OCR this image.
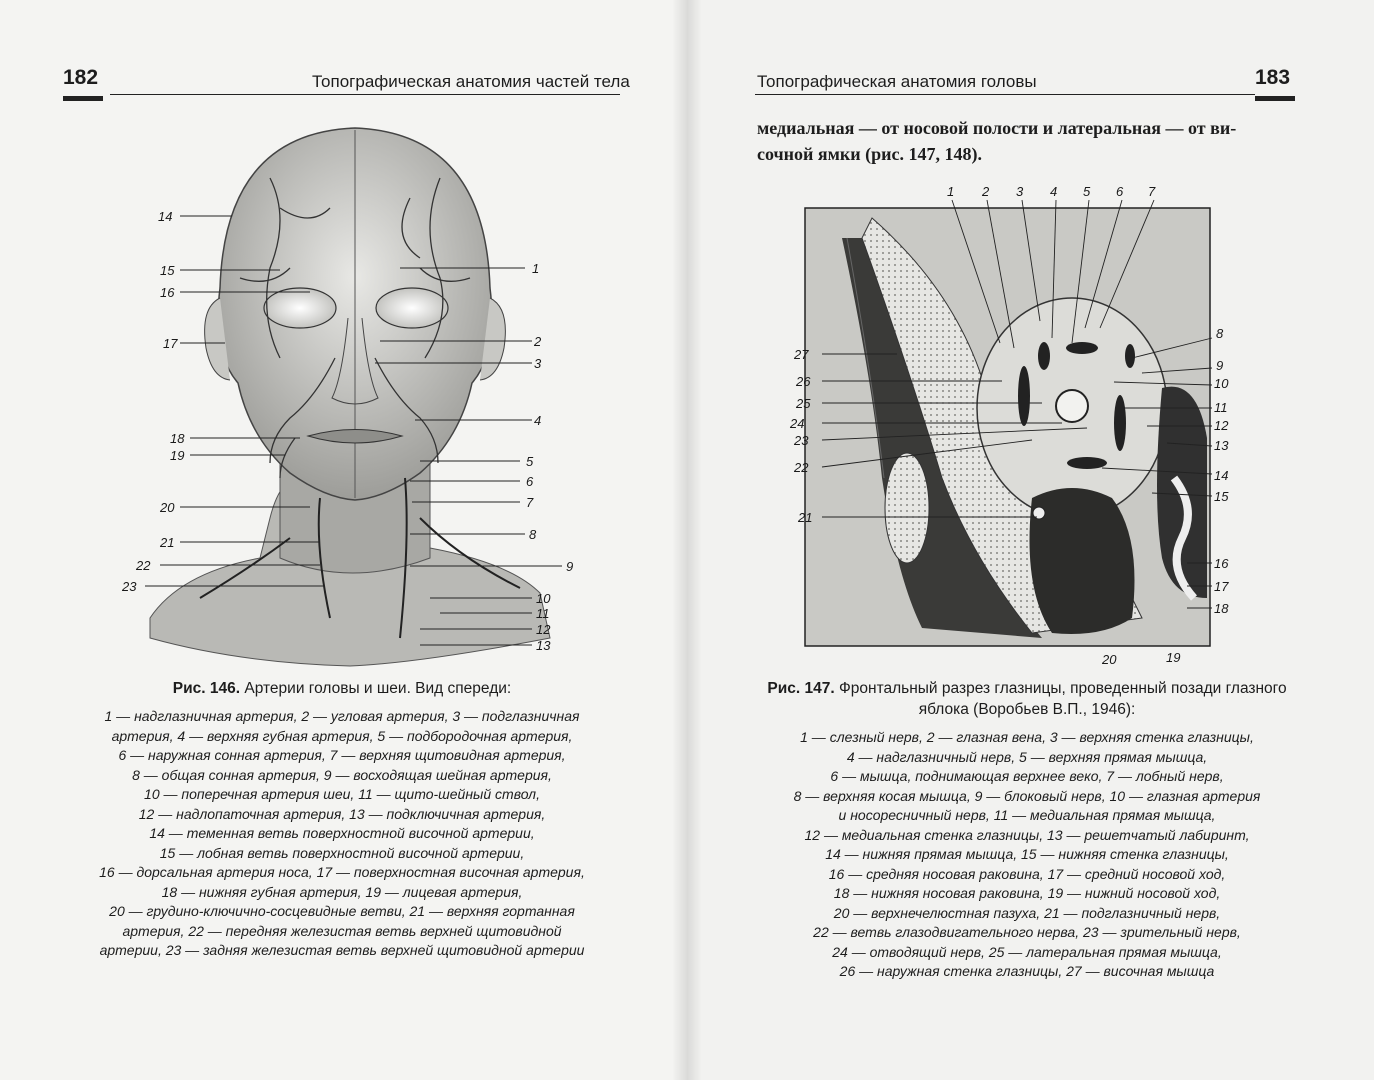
182	Топографическая анатомия частей тела
14
15
16
17
18
19
20
21
22
23
1
2
3
4
5
6
7
8
9
10
11
12
13
Рис. 146. Артерии головы и шеи. Вид спереди:
1 — надглазничная артерия, 2 — угловая артерия, 3 — подглазничная
артерия, 4 — верхняя губная артерия, 5 — подбородочная артерия,
6 — наружная сонная артерия, 7 — верхняя щитовидная артерия,
8 — общая сонная артерия, 9 — восходящая шейная артерия,
10 — поперечная артерия шеи, 11 — щито-шейный ствол,
12 — надлопаточная артерия, 13 — подключичная артерия,
14 — теменная ветвь поверхностной височной артерии,
15 — лобная ветвь поверхностной височной артерии,
16 — дорсальная артерия носа, 17 — поверхностная височная артерия,
18 — нижняя губная артерия, 19 — лицевая артерия,
20 — грудино-ключично-сосцевидные ветви, 21 — верхняя гортанная
артерия, 22 — передняя железистая ветвь верхней щитовидной
артерии, 23 — задняя железистая ветвь верхней щитовидной артерии
Топографическая анатомия головы	183
медиальная — от носовой полости и латеральная — от ви-
сочной ямки (рис. 147, 148).
1 2 3 4 5 6 7
27
26
25
24
23
22
21
8
9
10
11
12
13
14
15
16
17
18
20	19
Рис. 147. Фронтальный разрез глазницы, проведенный позади глазного
яблока (Воробьев В.П., 1946):
1 — слезный нерв, 2 — глазная вена, 3 — верхняя стенка глазницы,
4 — надглазничный нерв, 5 — верхняя прямая мышца,
6 — мышца, поднимающая верхнее веко, 7 — лобный нерв,
8 — верхняя косая мышца, 9 — блоковый нерв, 10 — глазная артерия
и носоресничный нерв, 11 — медиальная прямая мышца,
12 — медиальная стенка глазницы, 13 — решетчатый лабиринт,
14 — нижняя прямая мышца, 15 — нижняя стенка глазницы,
16 — средняя носовая раковина, 17 — средний носовой ход,
18 — нижняя носовая раковина, 19 — нижний носовой ход,
20 — верхнечелюстная пазуха, 21 — подглазничный нерв,
22 — ветвь глазодвигательного нерва, 23 — зрительный нерв,
24 — отводящий нерв, 25 — латеральная прямая мышца,
26 — наружная стенка глазницы, 27 — височная мышца
